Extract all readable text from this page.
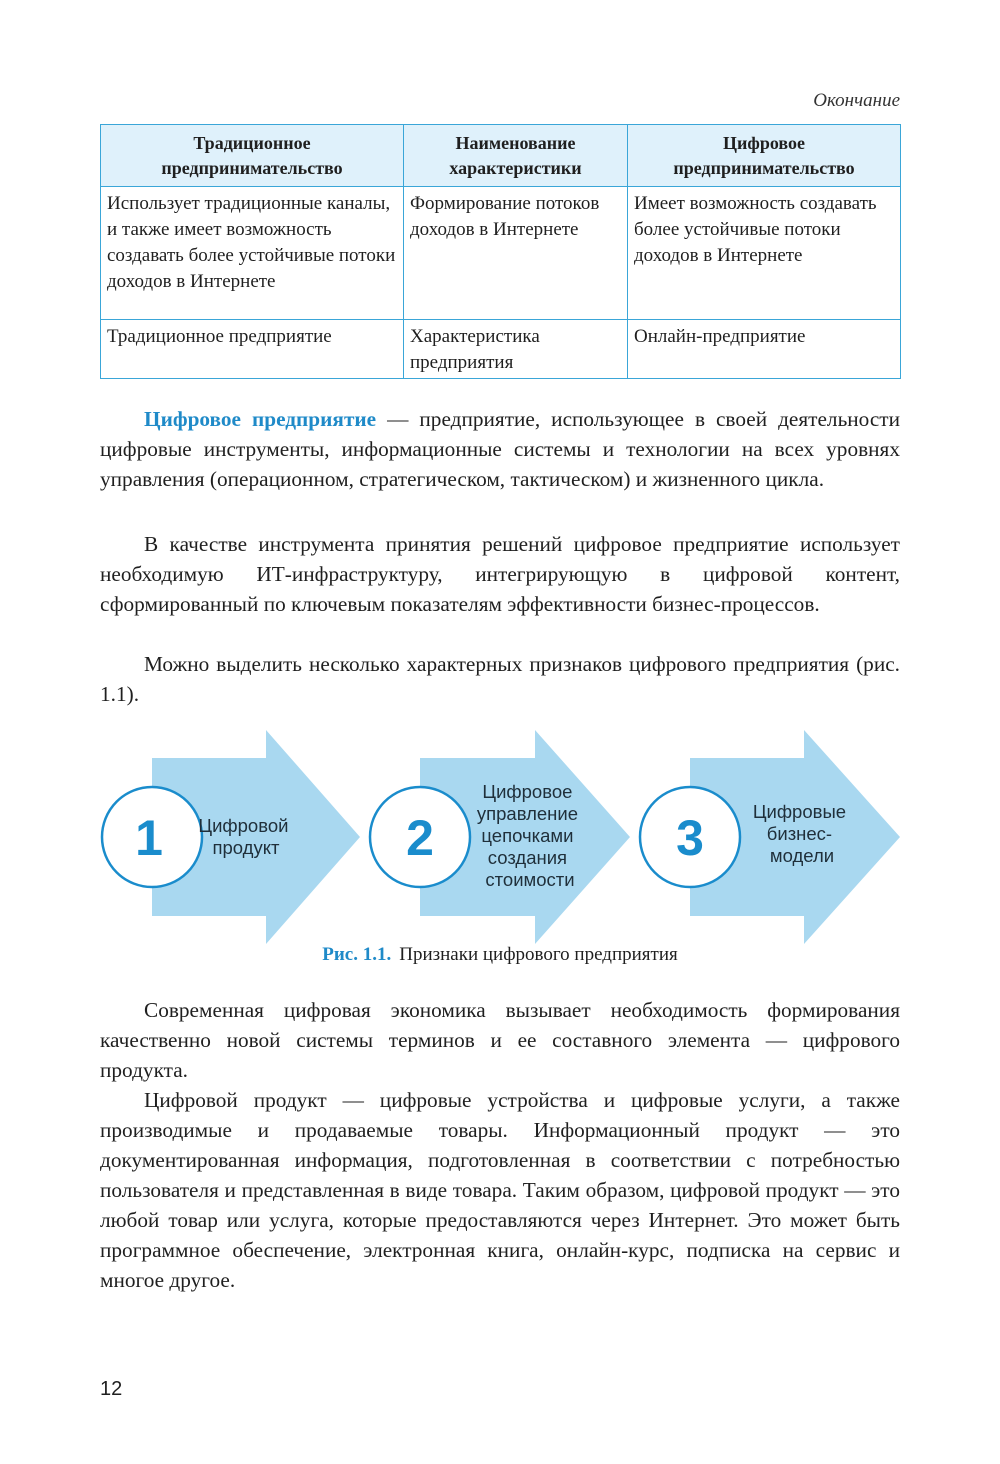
Окончание
Традиционное предпринимательство	Наименование характеристики	Цифровое предпринимательство
Использует традиционные каналы, и также имеет возможность создавать более устойчивые потоки доходов в Интернете	Формирование потоков доходов в Интернете	Имеет возможность создавать более устойчивые потоки доходов в Интернете
Традиционное предприятие	Характеристика предприятия	Онлайн-предприятие

Цифровое предприятие — предприятие, использующее в своей деятельности цифровые инструменты, информационные системы и технологии на всех уровнях управления (операционном, стратегическом, тактическом) и жизненного цикла.

В качестве инструмента принятия решений цифровое предприятие использует необходимую ИТ-инфраструктуру, интегрирующую в цифровой контент, сформированный по ключевым показателям эффективности бизнес-процессов.

Можно выделить несколько характерных признаков цифрового предприятия (рис. 1.1).

1 Цифровой продукт	2
Цифровое управление цепочками создания стоимости
3	Цифровые бизнес- модели
Рис. 1.1. Признаки цифрового предприятия

Современная цифровая экономика вызывает необходимость формирования качественно новой системы терминов и ее составного элемента — цифрового продукта.

Цифровой продукт — цифровые устройства и цифровые услуги, а также производимые и продаваемые товары. Информационный продукт — это документированная информация, подготовленная в соответствии с потребностью пользователя и представленная в виде товара. Таким образом, цифровой продукт — это любой товар или услуга, которые предоставляются через Интернет. Это может быть программное обеспечение, электронная книга, онлайн-курс, подписка на сервис и многое другое.

12
